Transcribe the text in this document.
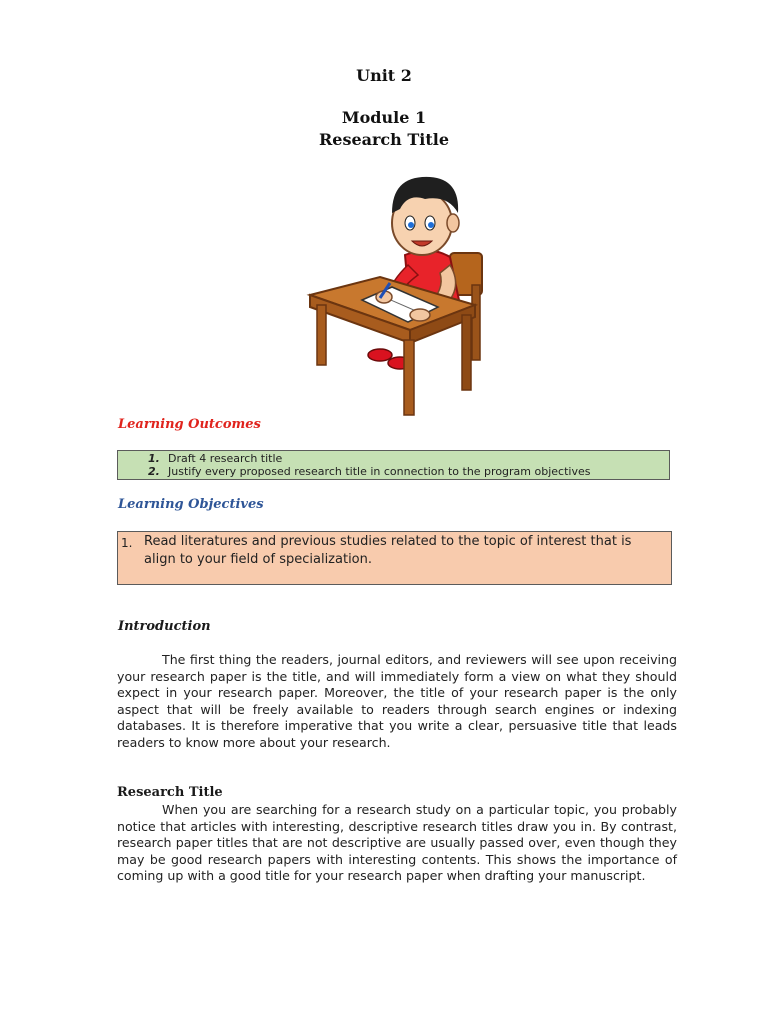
Unit 2
Module 1
Research Title
Learning Outcomes
1. Draft 4 research title
2. Justify every proposed research title in connection to the program objectives
Learning Objectives
1. Read literatures and previous studies related to the topic of interest that is align to your field of specialization.
Introduction

The first thing the readers, journal editors, and reviewers will see upon receiving your research paper is the title, and will immediately form a view on what they should expect in your research paper. Moreover, the title of your research paper is the only aspect that will be freely available to readers through search engines or indexing databases. It is therefore imperative that you write a clear, persuasive title that leads readers to know more about your research.

Research Title

When you are searching for a research study on a particular topic, you probably notice that articles with interesting, descriptive research titles draw you in. By contrast, research paper titles that are not descriptive are usually passed over, even though they may be good research papers with interesting contents. This shows the importance of coming up with a good title for your research paper when drafting your manuscript.
